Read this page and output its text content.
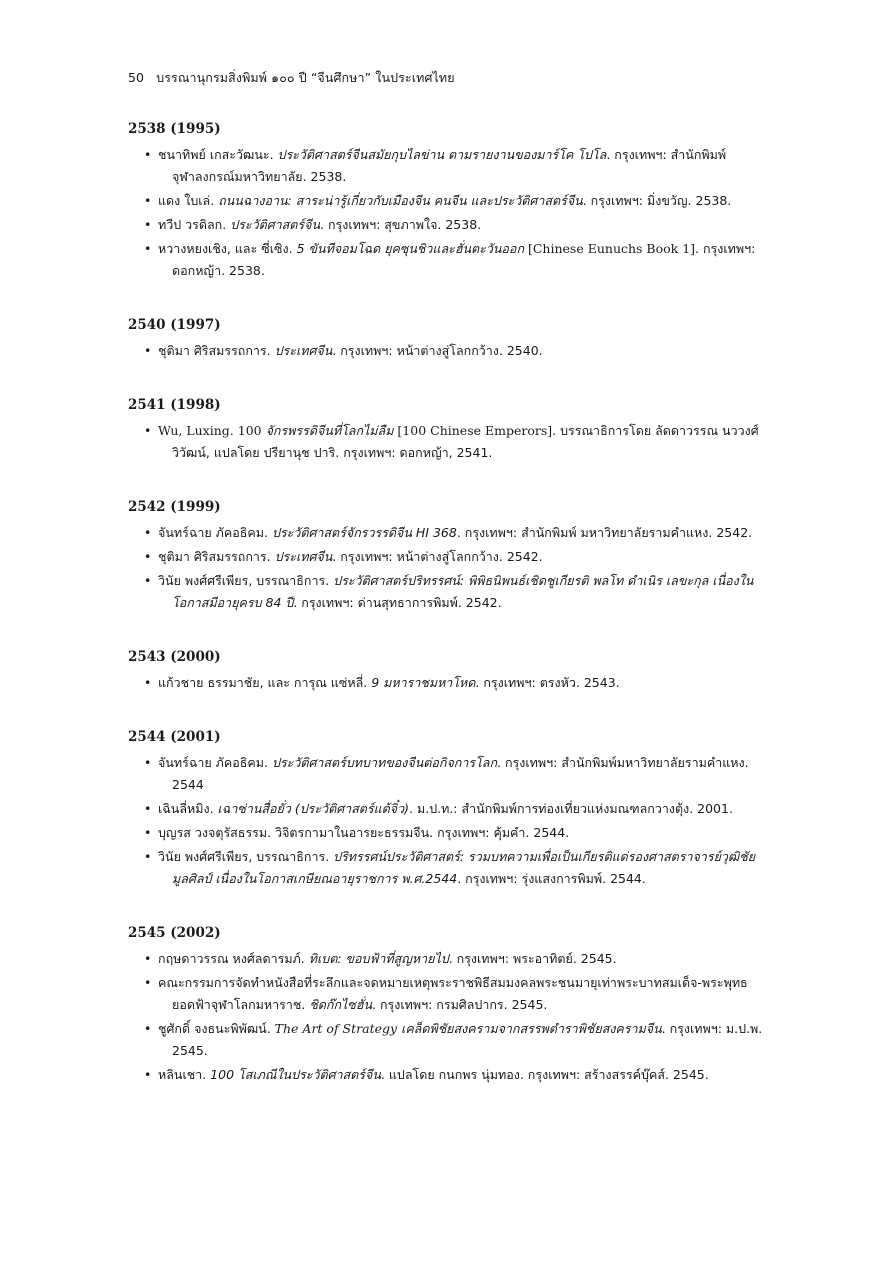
50 บรรณานุกรมสิ่งพิมพ์ ๑๐๐ ปี “จีนศึกษา” ในประเทศไทย
2538 (1995)
• ชนาทิพย์ เกสะวัฒนะ. ประวัติศาสตร์จีนสมัยกุบไลข่าน ตามรายงานของมาร์โค โปโล. กรุงเทพฯ: สำนักพิมพ์จุฬาลงกรณ์มหาวิทยาลัย. 2538.
• แดง ใบเล่. ถนนฉางอาน: สาระน่ารู้เกี่ยวกับเมืองจีน คนจีน และประวัติศาสตร์จีน. กรุงเทพฯ: มิ่งขวัญ. 2538.
• ทวีป วรดิลก. ประวัติศาสตร์จีน. กรุงเทพฯ: สุขภาพใจ. 2538.
• หวางหยงเชิง, และ ซี่เซิง. 5 ขันทีจอมโฉด ยุคซุนชิวและฮั่นตะวันออก [Chinese Eunuchs Book 1]. กรุงเทพฯ: ดอกหญ้า. 2538.
2540 (1997)
• ชุติมา ศิริสมรรถการ. ประเทศจีน. กรุงเทพฯ: หน้าต่างสู่โลกกว้าง. 2540.
2541 (1998)
• Wu, Luxing. 100 จักรพรรดิจีนที่โลกไม่ลืม [100 Chinese Emperors]. บรรณาธิการโดย ลัดดาวรรณ นววงศ์วิวัฒน์, แปลโดย ปรียานุช ปาริ. กรุงเทพฯ: ดอกหญ้า, 2541.
2542 (1999)
• จันทร์ฉาย ภัคอธิคม. ประวัติศาสตร์จักรวรรดิจีน HI 368. กรุงเทพฯ: สำนักพิมพ์ มหาวิทยาลัยรามคำแหง. 2542.
• ชุติมา ศิริสมรรถการ. ประเทศจีน. กรุงเทพฯ: หน้าต่างสู่โลกกว้าง. 2542.
• วินัย พงศ์ศรีเพียร, บรรณาธิการ. ประวัติศาสตร์ปริทรรศน์: พิพิธนิพนธ์เชิดชูเกียรติ พลโท ดำเนิร เลขะกุล เนื่องในโอกาสมีอายุครบ 84 ปี. กรุงเทพฯ: ด่านสุทธาการพิมพ์. 2542.
2543 (2000)
• แก้วชาย ธรรมาชัย, และ การุณ แซ่หลี่. 9 มหาราชมหาโหด. กรุงเทพฯ: ตรงหัว. 2543.
2544 (2001)
• จันทร์ฉาย ภัคอธิคม. ประวัติศาสตร์บทบาทของจีนต่อกิจการโลก. กรุงเทพฯ: สำนักพิมพ์มหาวิทยาลัยรามคำแหง. 2544
• เฉินลี่หมิง. เฉาซ่านสื่อยั่ว (ประวัติศาสตร์แต้จิ๋ว). ม.ป.ท.: สำนักพิมพ์การท่องเที่ยวแห่งมณฑลกวางตุ้ง. 2001.
• บุญรส วงจตุรัสธรรม. วิจิตรกามาในอารยะธรรมจีน. กรุงเทพฯ: คุ้มคำ. 2544.
• วินัย พงศ์ศรีเพียร, บรรณาธิการ. ปริทรรศน์ประวัติศาสตร์: รวมบทความเพื่อเป็นเกียรติแด่รองศาสตราจารย์วุฒิชัย มูลศิลป์ เนื่องในโอกาสเกษียณอายุราชการ พ.ศ.2544. กรุงเทพฯ: รุ่งแสงการพิมพ์. 2544.
2545 (2002)
• กฤษดาวรรณ หงศ์ลดารมภ์. ทิเบต: ขอบฟ้าที่สูญหายไป. กรุงเทพฯ: พระอาทิตย์. 2545.
• คณะกรรมการจัดทำหนังสือที่ระลึกและจดหมายเหตุพระราชพิธีสมมงคลพระชนมายุเท่าพระบาทสมเด็จ-พระพุทธยอดฟ้าจุฬาโลกมหาราช. ชิดก๊กไซฮั่น. กรุงเทพฯ: กรมศิลปากร. 2545.
• ชูศักดิ์ จงธนะพิพัฒน์. The Art of Strategy เคล็ดพิชัยสงครามจากสรรพตำราพิชัยสงครามจีน. กรุงเทพฯ: ม.ป.พ. 2545.
• หลินเชา. 100 โสเภณีในประวัติศาสตร์จีน. แปลโดย กนกพร นุ่มทอง. กรุงเทพฯ: สร้างสรรค์บุ๊คส์. 2545.
